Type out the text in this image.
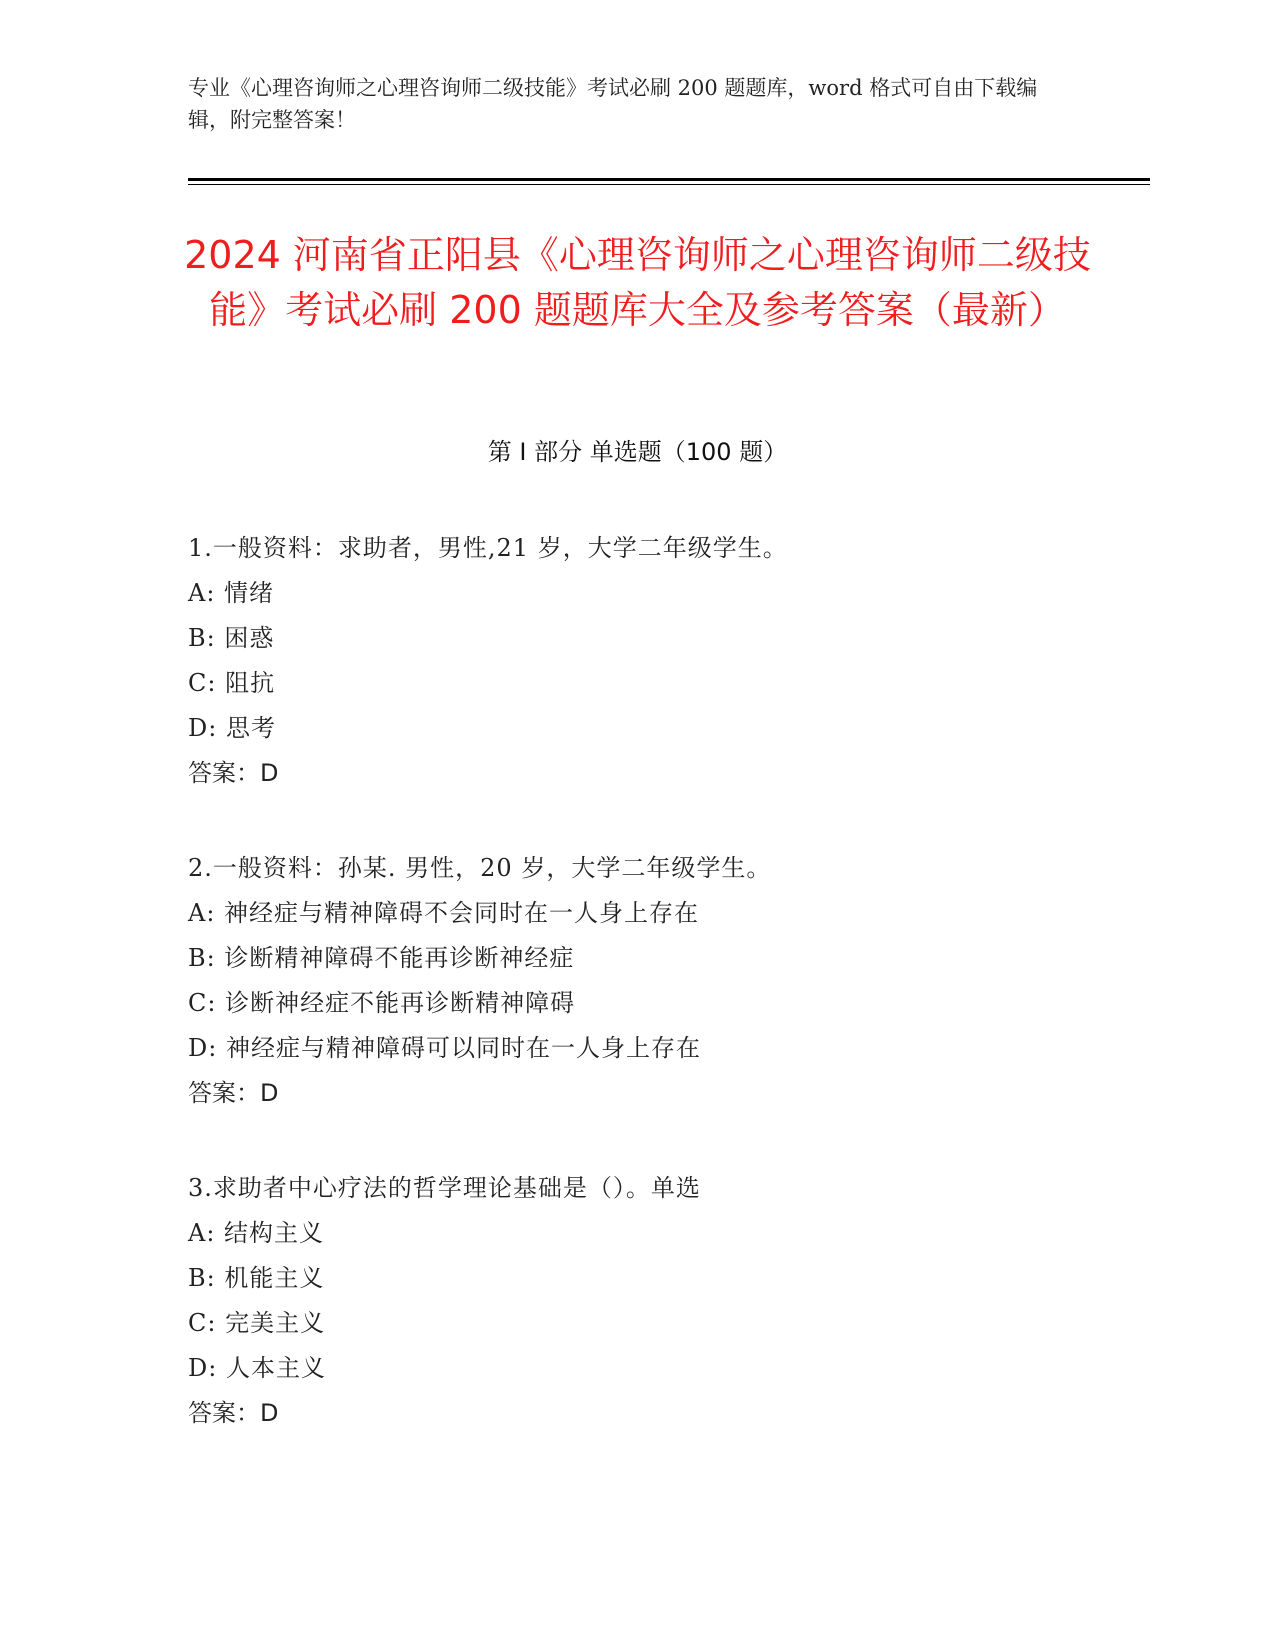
专业《心理咨询师之心理咨询师二级技能》考试必刷 200 题题库，word 格式可自由下载编辑，附完整答案！

2024 河南省正阳县《心理咨询师之心理咨询师二级技能》考试必刷 200 题题库大全及参考答案（最新）
第 I 部分 单选题（100 题）
1.一般资料：求助者，男性,21 岁，大学二年级学生。
A: 情绪
B: 困惑
C: 阻抗
D: 思考
答案：D
2.一般资料：孙某. 男性，20 岁，大学二年级学生。
A: 神经症与精神障碍不会同时在一人身上存在
B: 诊断精神障碍不能再诊断神经症
C: 诊断神经症不能再诊断精神障碍
D: 神经症与精神障碍可以同时在一人身上存在
答案：D
3.求助者中心疗法的哲学理论基础是（）。单选
A: 结构主义
B: 机能主义
C: 完美主义
D: 人本主义
答案：D
